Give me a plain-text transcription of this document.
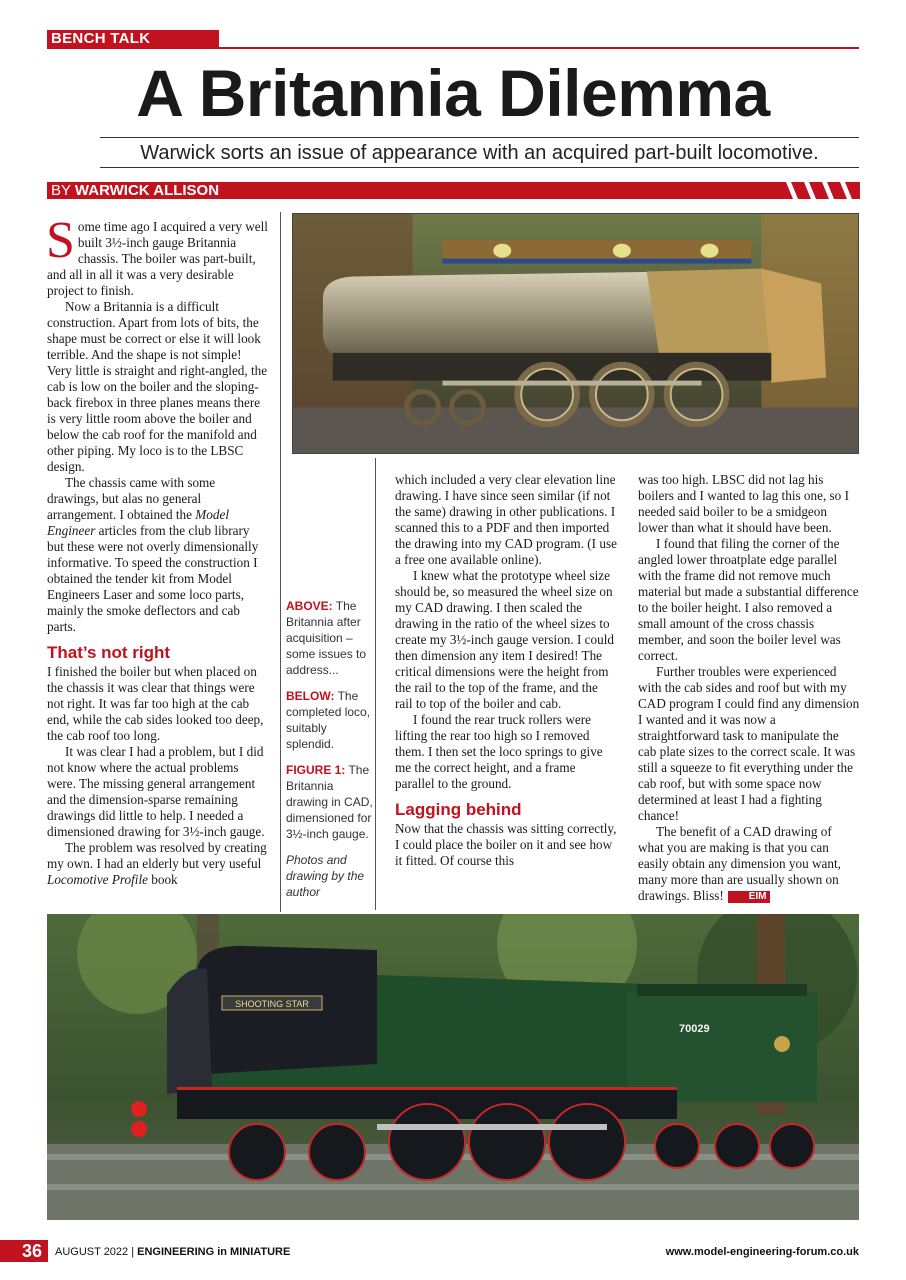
BENCH TALK
A Britannia Dilemma
Warwick sorts an issue of appearance with an acquired part-built locomotive.
BY WARWICK ALLISON

Some time ago I acquired a very well built 3½-inch gauge Britannia chassis. The boiler was part-built, and all in all it was a very desirable project to finish.

Now a Britannia is a difficult construction. Apart from lots of bits, the shape must be correct or else it will look terrible. And the shape is not simple! Very little is straight and right-angled, the cab is low on the boiler and the sloping-back firebox in three planes means there is very little room above the boiler and below the cab roof for the manifold and other piping. My loco is to the LBSC design.

The chassis came with some drawings, but alas no general arrangement. I obtained the Model Engineer articles from the club library but these were not overly dimensionally informative. To speed the construction I obtained the tender kit from Model Engineers Laser and some loco parts, mainly the smoke deflectors and cab parts.

That’s not right

I finished the boiler but when placed on the chassis it was clear that things were not right. It was far too high at the cab end, while the cab sides looked too deep, the cab roof too long.

It was clear I had a problem, but I did not know where the actual problems were. The missing general arrangement and the dimension-sparse remaining drawings did little to help. I needed a dimensioned drawing for 3½-inch gauge.

The problem was resolved by creating my own. I had an elderly but very useful Locomotive Profile book

ABOVE: The Britannia after acquisition – some issues to address...
BELOW: The completed loco, suitably splendid.
FIGURE 1: The Britannia drawing in CAD, dimensioned for 3½-inch gauge.
Photos and drawing by the author

which included a very clear elevation line drawing. I have since seen similar (if not the same) drawing in other publications. I scanned this to a PDF and then imported the drawing into my CAD program. (I use a free one available online).

I knew what the prototype wheel size should be, so measured the wheel size on my CAD drawing. I then scaled the drawing in the ratio of the wheel sizes to create my 3½-inch gauge version. I could then dimension any item I desired! The critical dimensions were the height from the rail to the top of the frame, and the rail to top of the boiler and cab.

I found the rear truck rollers were lifting the rear too high so I removed them. I then set the loco springs to give me the correct height, and a frame parallel to the ground.

Lagging behind

Now that the chassis was sitting correctly, I could place the boiler on it and see how it fitted. Of course this

was too high. LBSC did not lag his boilers and I wanted to lag this one, so I needed said boiler to be a smidgeon lower than what it should have been.

I found that filing the corner of the angled lower throatplate edge parallel with the frame did not remove much material but made a substantial difference to the boiler height. I also removed a small amount of the cross chassis member, and soon the boiler level was correct.

Further troubles were experienced with the cab sides and roof but with my CAD program I could find any dimension I wanted and it was now a straightforward task to manipulate the cab plate sizes to the correct scale. It was still a squeeze to fit everything under the cab roof, but with some space now determined at least I had a fighting chance!

The benefit of a CAD drawing of what you are making is that you can easily obtain any dimension you want, many more than are usually shown on drawings. Bliss!	EIM

SHOOTING STAR
70029
36 AUGUST 2022 | ENGINEERING in MINIATURE	www.model-engineering-forum.co.uk
